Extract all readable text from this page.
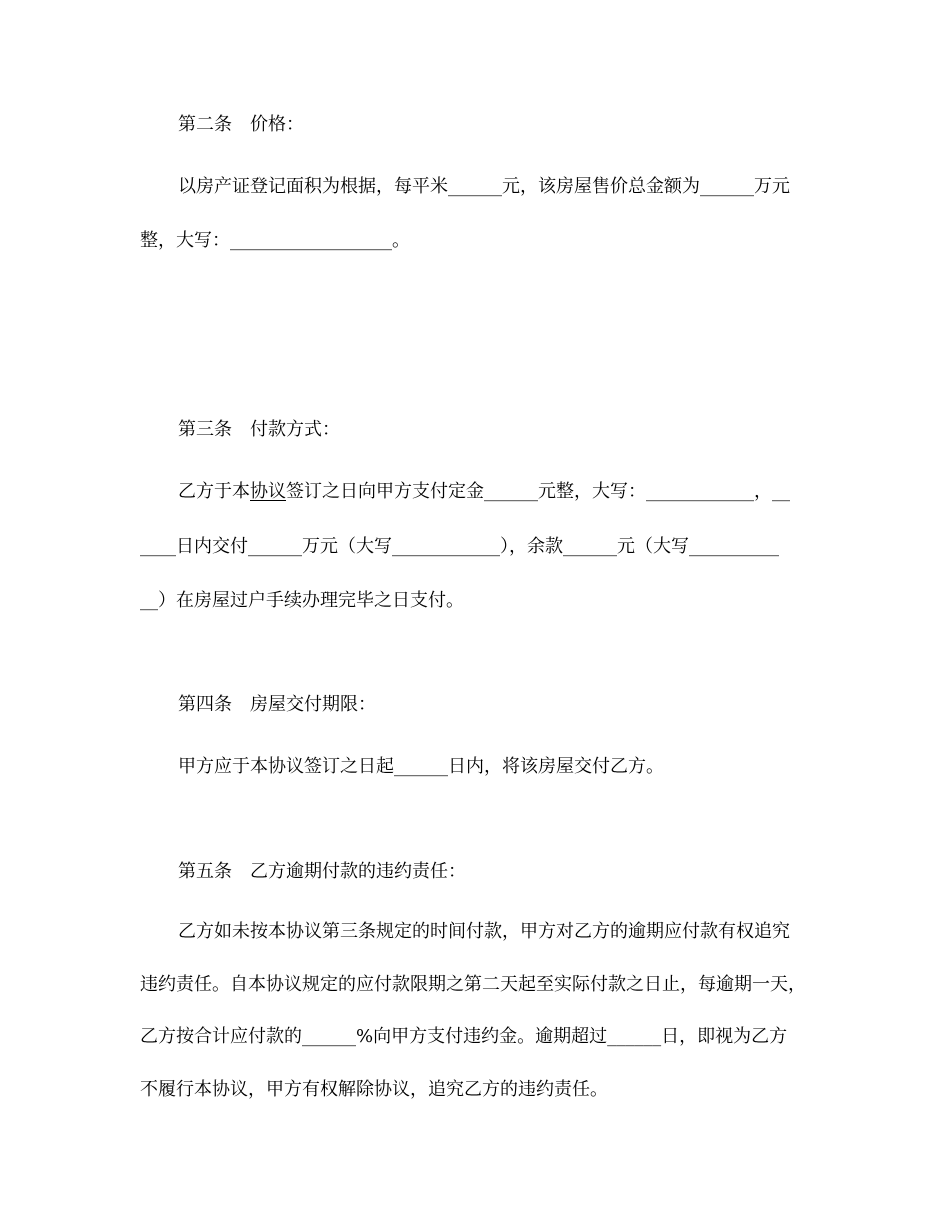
第二条 价格：
以房产证登记面积为根据，每平米______元，该房屋售价总金额为______万元
整，大写：__________________。
第三条 付款方式：
乙方于本协议签订之日向甲方支付定金______元整，大写：____________，__
____日内交付______万元（大写____________），余款______元（大写__________
__）在房屋过户手续办理完毕之日支付。
第四条 房屋交付期限：
甲方应于本协议签订之日起______日内，将该房屋交付乙方。
第五条 乙方逾期付款的违约责任：
乙方如未按本协议第三条规定的时间付款，甲方对乙方的逾期应付款有权追究
违约责任。自本协议规定的应付款限期之第二天起至实际付款之日止，每逾期一天，
乙方按合计应付款的______%向甲方支付违约金。逾期超过______日，即视为乙方
不履行本协议，甲方有权解除协议，追究乙方的违约责任。
